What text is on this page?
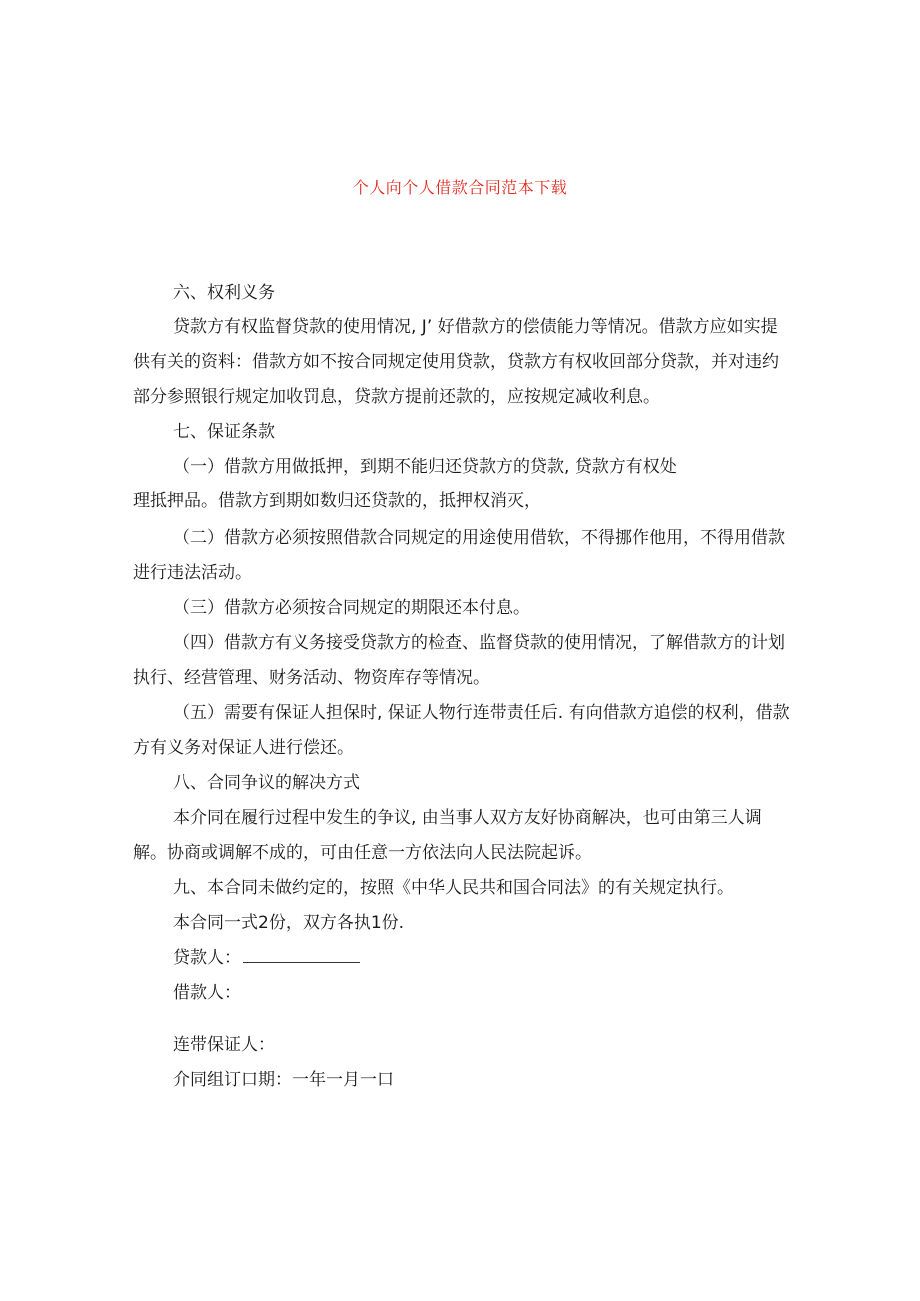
个人向个人借款合同范本下载
六、权利义务
贷款方有权监督贷款的使用情况, J’ 好借款方的偿债能力等情况。借款方应如实提
供有关的资料：借款方如不按合同规定使用贷款，贷款方有权收回部分贷款，并对违约
部分参照银行规定加收罚息，贷款方提前还款的，应按规定减收利息。
七、保证条款
（一）借款方用做抵押，到期不能归还贷款方的贷款, 贷款方有权处
理抵押品。借款方到期如数归还贷款的，抵押权消灭，
（二）借款方必须按照借款合同规定的用途使用借软，不得挪作他用，不得用借款
进行违法活动。
（三）借款方必须按合同规定的期限还本付息。
（四）借款方有义务接受贷款方的检查、监督贷款的使用情况，了解借款方的计划
执行、经营管理、财务活动、物资库存等情况。
（五）需要有保证人担保时, 保证人物行连带责任后. 有向借款方追偿的权利，借款
方有义务对保证人进行偿还。
八、合同争议的解决方式
本介同在履行过程中发生的争议, 由当事人双方友好协商解决，也可由第三人调
解。协商或调解不成的，可由任意一方依法向人民法院起诉。
九、本合同未做约定的，按照《中华人民共和国合同法》的有关规定执行。
本合同一式2份，双方各执1份.
贷款人：
借款人：
连带保证人：
介同组订口期：一年一月一口
